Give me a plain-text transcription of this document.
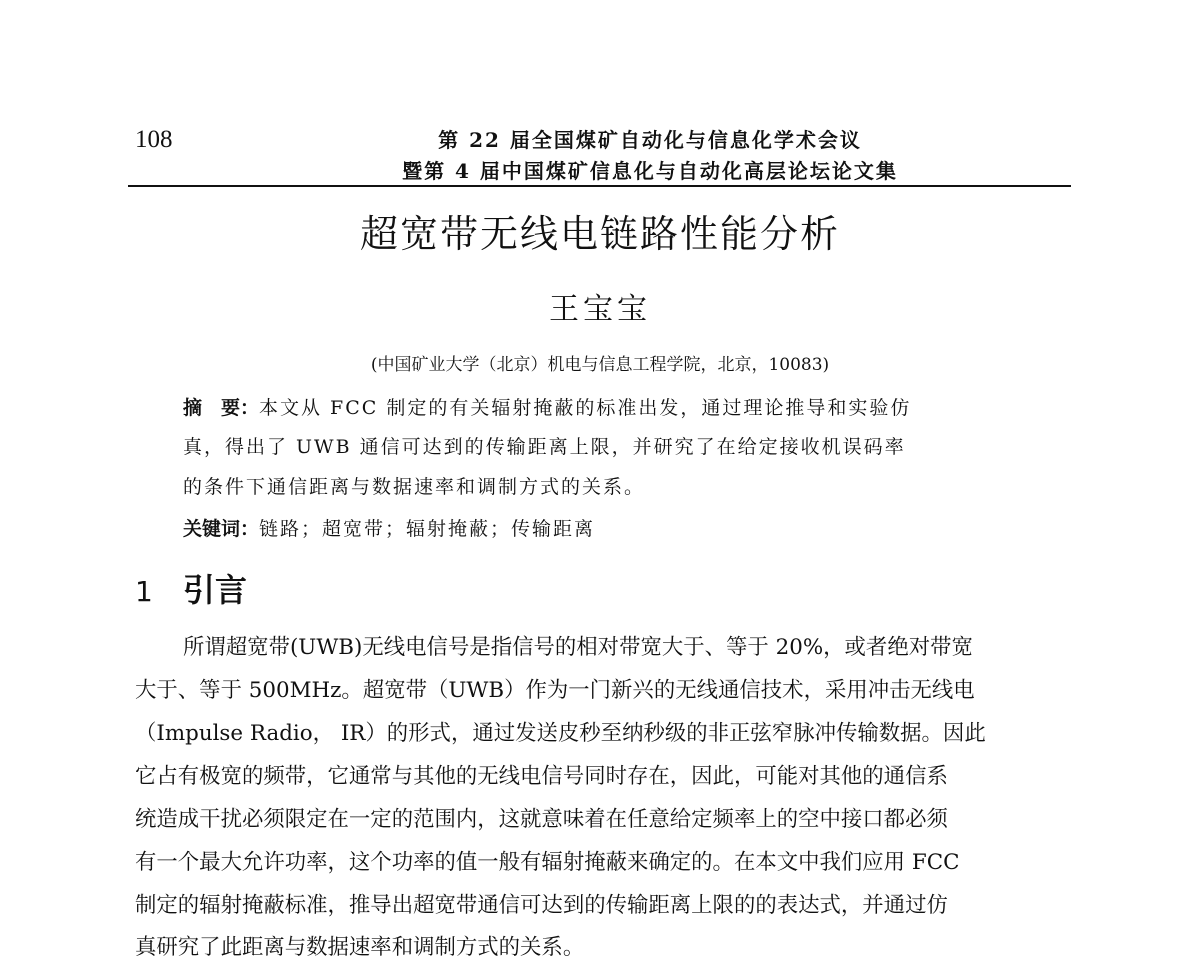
108	第 22 届全国煤矿自动化与信息化学术会议
暨第 4 届中国煤矿信息化与自动化高层论坛论文集
超宽带无线电链路性能分析
王宝宝
(中国矿业大学（北京）机电与信息工程学院，北京，10083)
摘　要：本文从 FCC 制定的有关辐射掩蔽的标准出发，通过理论推导和实验仿
真，得出了 UWB 通信可达到的传输距离上限，并研究了在给定接收机误码率
的条件下通信距离与数据速率和调制方式的关系。
关键词：链路；超宽带；辐射掩蔽；传输距离
1 引言
所谓超宽带(UWB)无线电信号是指信号的相对带宽大于、等于 20%，或者绝对带宽
大于、等于 500MHz。超宽带（UWB）作为一门新兴的无线通信技术，采用冲击无线电
（Impulse Radio， IR）的形式，通过发送皮秒至纳秒级的非正弦窄脉冲传输数据。因此
它占有极宽的频带，它通常与其他的无线电信号同时存在，因此，可能对其他的通信系
统造成干扰必须限定在一定的范围内，这就意味着在任意给定频率上的空中接口都必须
有一个最大允许功率，这个功率的值一般有辐射掩蔽来确定的。在本文中我们应用 FCC
制定的辐射掩蔽标准，推导出超宽带通信可达到的传输距离上限的的表达式，并通过仿
真研究了此距离与数据速率和调制方式的关系。
